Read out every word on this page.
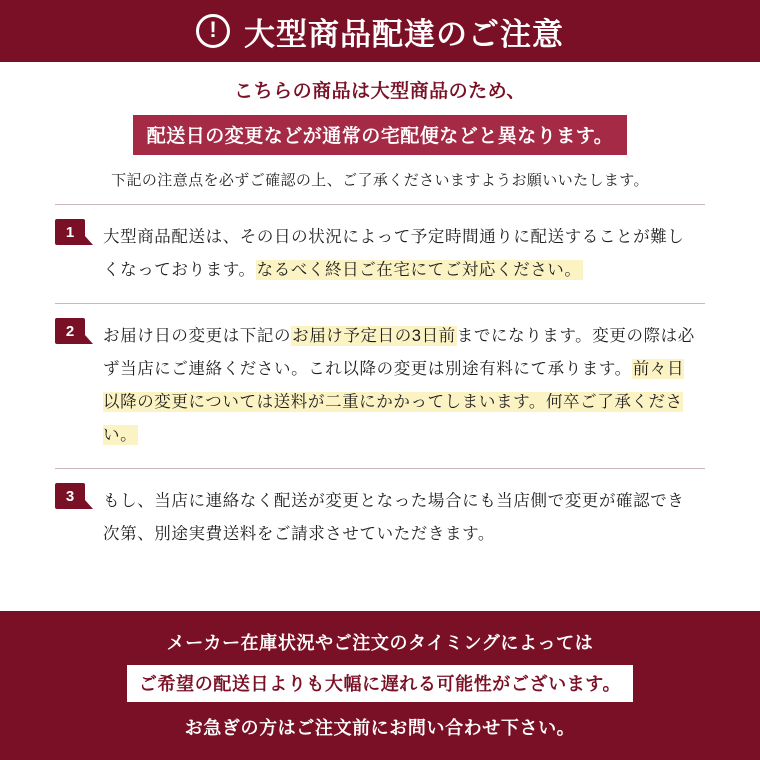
! 大型商品配達のご注意
こちらの商品は大型商品のため、
配送日の変更などが通常の宅配便などと異なります。
下記の注意点を必ずご確認の上、ご了承くださいますようお願いいたします。
1	大型商品配送は、その日の状況によって予定時間通りに配送することが難しくなっております。なるべく終日ご在宅にてご対応ください。
2	お届け日の変更は下記のお届け予定日の3日前までになります。変更の際は必ず当店にご連絡ください。これ以降の変更は別途有料にて承ります。前々日以降の変更については送料が二重にかかってしまいます。何卒ご了承ください。
3	もし、当店に連絡なく配送が変更となった場合にも当店側で変更が確認でき次第、別途実費送料をご請求させていただきます。
メーカー在庫状況やご注文のタイミングによっては
ご希望の配送日よりも大幅に遅れる可能性がございます。
お急ぎの方はご注文前にお問い合わせ下さい。
